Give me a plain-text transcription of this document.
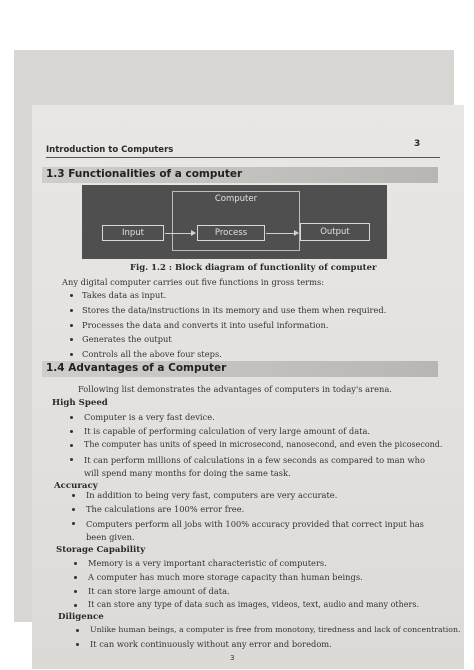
Introduction to Computers
3
1.3 Functionalities of a computer
Computer
Input	Process	Output
Fig. 1.2 : Block diagram of functionlity of computer
Any digital computer carries out five functions in gross terms:
Takes data as input.
Stores the data/instructions in its memory and use them when required.
Processes the data and converts it into useful information.
Generates the output
Controls all the above four steps.
1.4 Advantages of a Computer
Following list demonstrates the advantages of computers in today's arena.
High Speed
Computer is a very fast device.
It is capable of performing calculation of very large amount of data.
The computer has units of speed in microsecond, nanosecond, and even the picosecond.
It can perform millions of calculations in a few seconds as compared to man who will spend many months for doing the same task.
Accuracy
In addition to being very fast, computers are very accurate.
The calculations are 100% error free.
Computers perform all jobs with 100% accuracy provided that correct input has been given.
Storage Capability
Memory is a very important characteristic of computers.
A computer has much more storage capacity than human beings.
It can store large amount of data.
It can store any type of data such as images, videos, text, audio and many others.
Diligence
Unlike human beings, a computer is free from monotony, tiredness and lack of concentration.
It can work continuously without any error and boredom.
3
